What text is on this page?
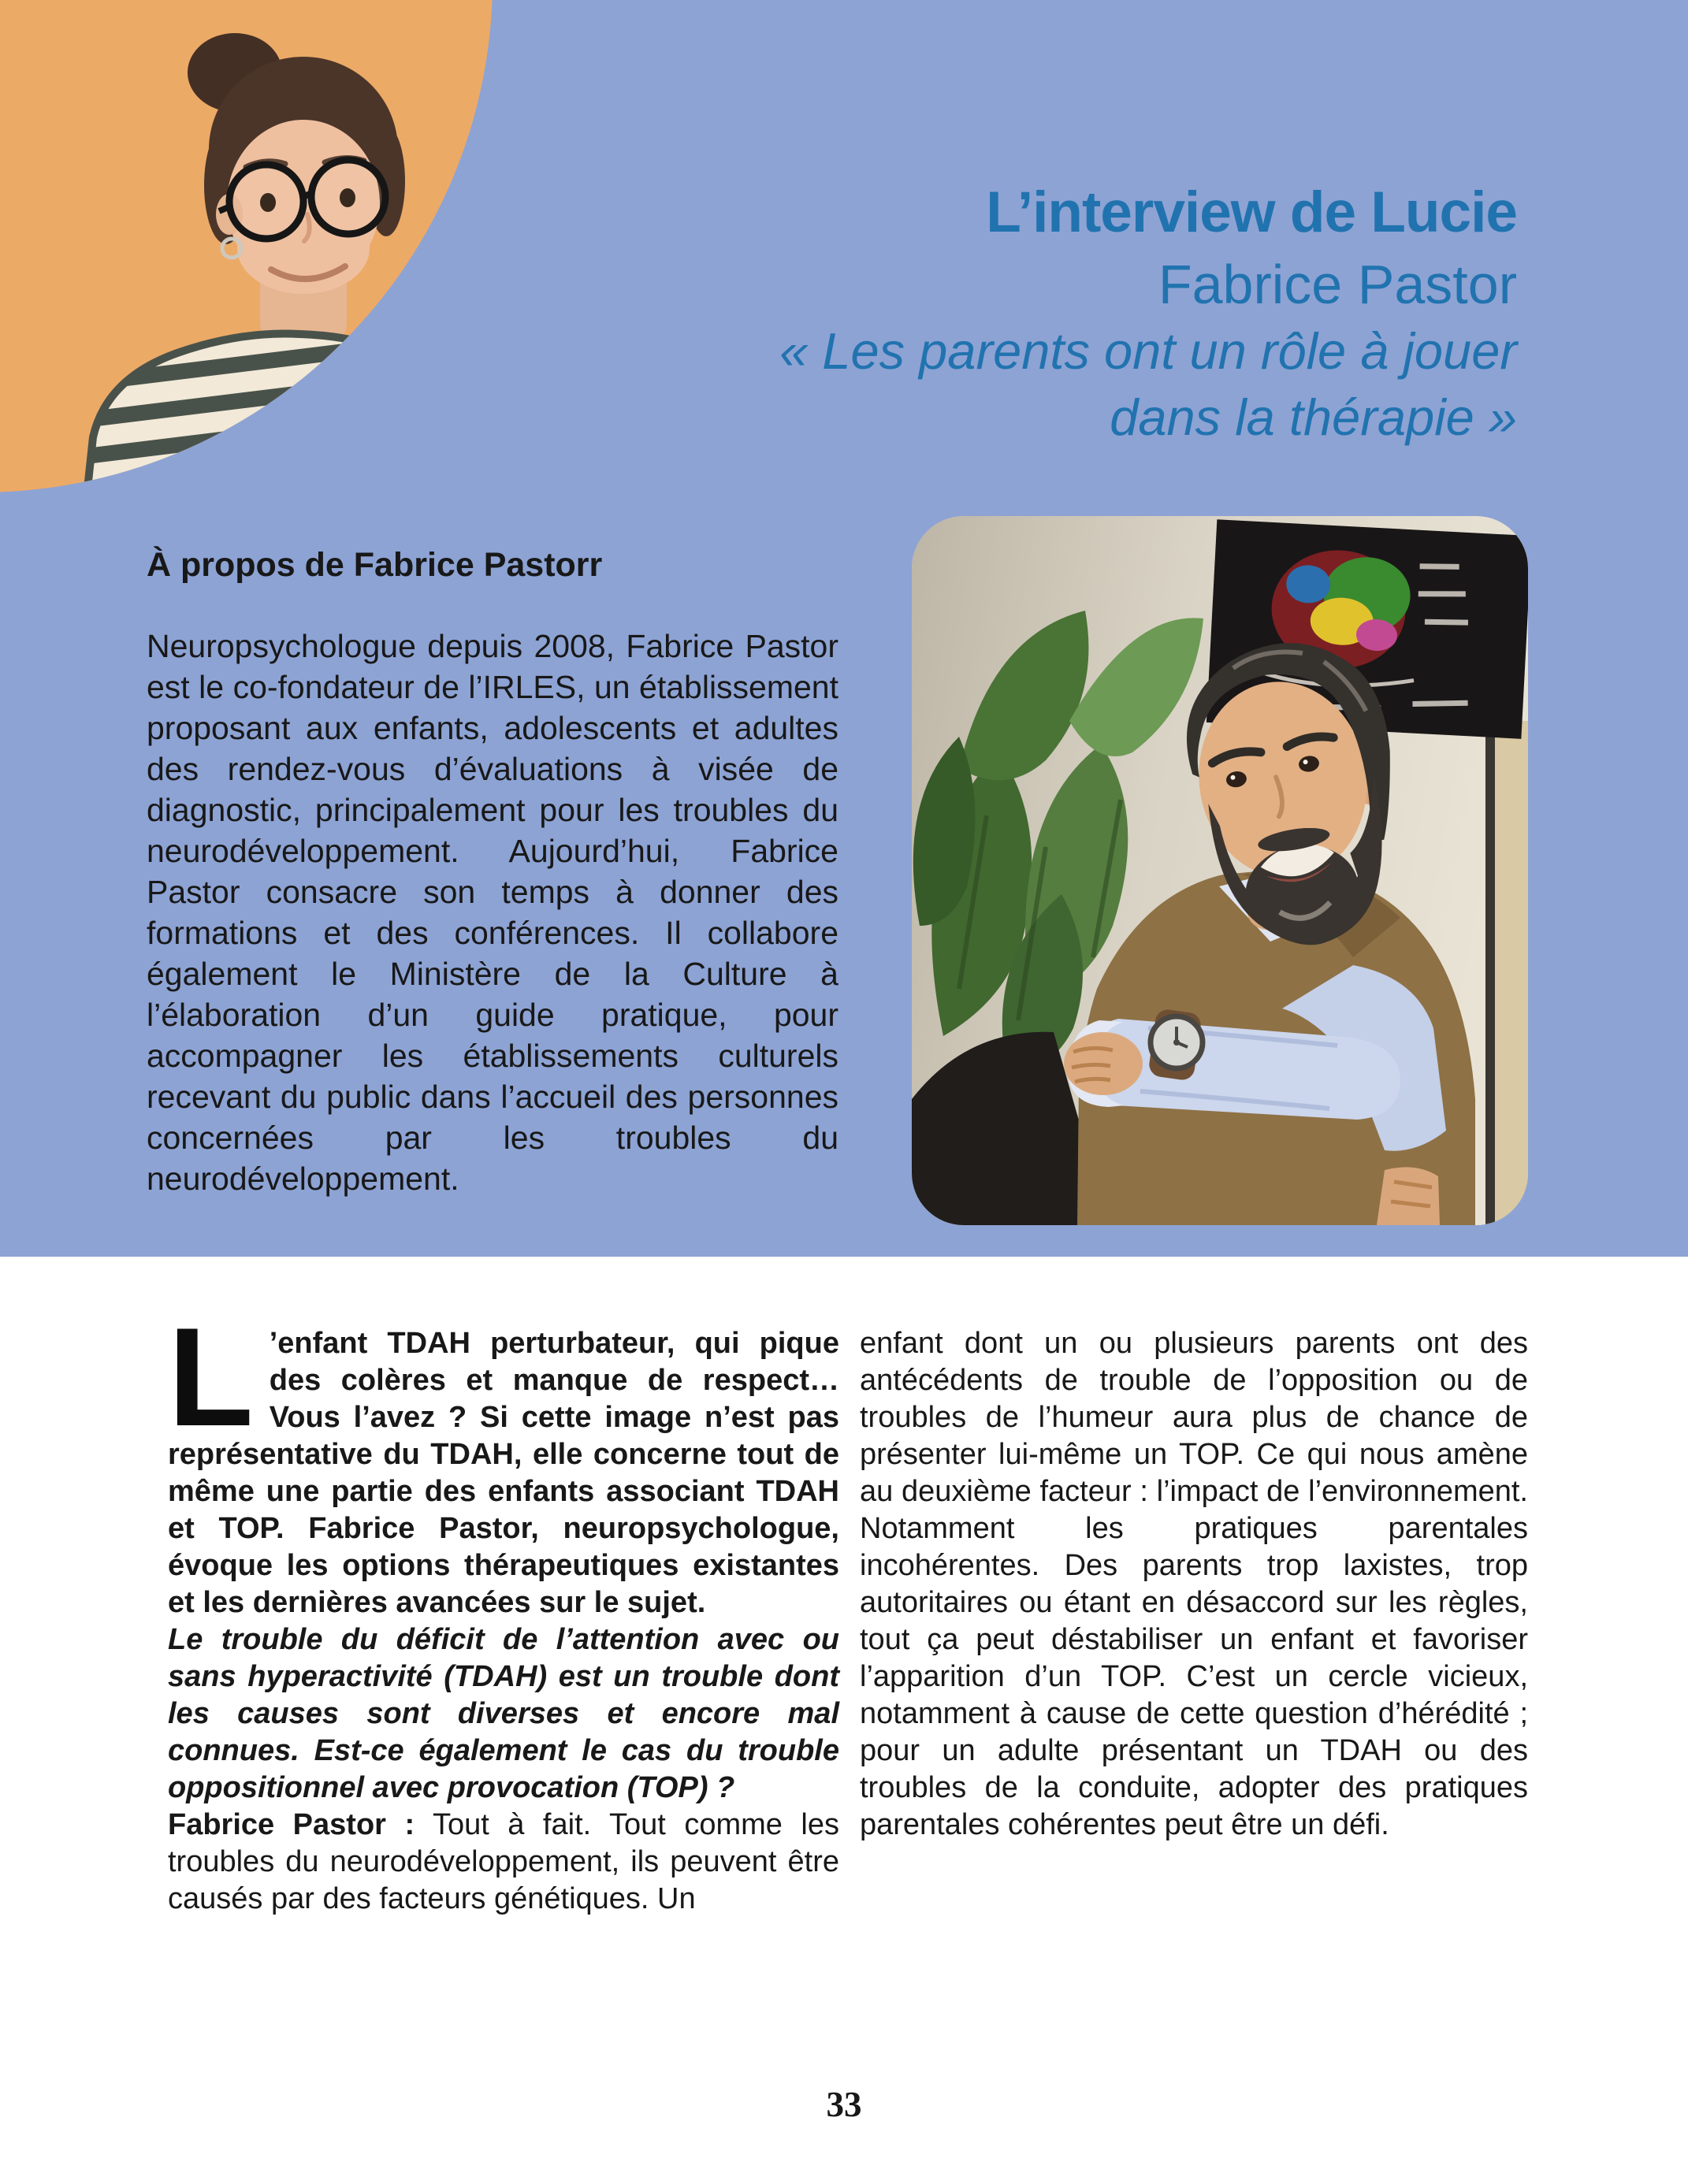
L’interview de Lucie
Fabrice Pastor
« Les parents ont un rôle à jouer
dans la thérapie »
À propos de Fabrice Pastorr

Neuropsychologue depuis 2008, Fabrice Pastor est le co-fondateur de l’IRLES, un établissement proposant aux enfants, adolescents et adultes des rendez-vous d’évaluations à visée de diagnostic, principalement pour les troubles du neurodéveloppement. Aujourd’hui, Fabrice Pastor consacre son temps à donner des formations et des conférences. Il collabore également le Ministère de la Culture à l’élaboration d’un guide pratique, pour accompagner les établissements culturels recevant du public dans l’accueil des personnes concernées par les troubles du neurodéveloppement.

L ’enfant TDAH perturbateur, qui pique des colères et manque de respect… Vous l’avez ? Si cette image n’est pas représentative du TDAH, elle concerne tout de même une partie des enfants associant TDAH et TOP. Fabrice Pastor, neuropsychologue, évoque les options thérapeutiques existantes et les dernières avancées sur le sujet.

Le trouble du déficit de l’attention avec ou sans hyperactivité (TDAH) est un trouble dont les causes sont diverses et encore mal connues. Est-ce également le cas du trouble oppositionnel avec provocation (TOP) ?

Fabrice Pastor : Tout à fait. Tout comme les troubles du neurodéveloppement, ils peuvent être causés par des facteurs génétiques. Un

enfant dont un ou plusieurs parents ont des antécédents de trouble de l’opposition ou de troubles de l’humeur aura plus de chance de présenter lui-même un TOP. Ce qui nous amène au deuxième facteur : l’impact de l’environnement. Notamment les pratiques parentales incohérentes. Des parents trop laxistes, trop autoritaires ou étant en désaccord sur les règles, tout ça peut déstabiliser un enfant et favoriser l’apparition d’un TOP. C’est un cercle vicieux, notamment à cause de cette question d’hérédité ; pour un adulte présentant un TDAH ou des troubles de la conduite, adopter des pratiques parentales cohérentes peut être un défi.

33
